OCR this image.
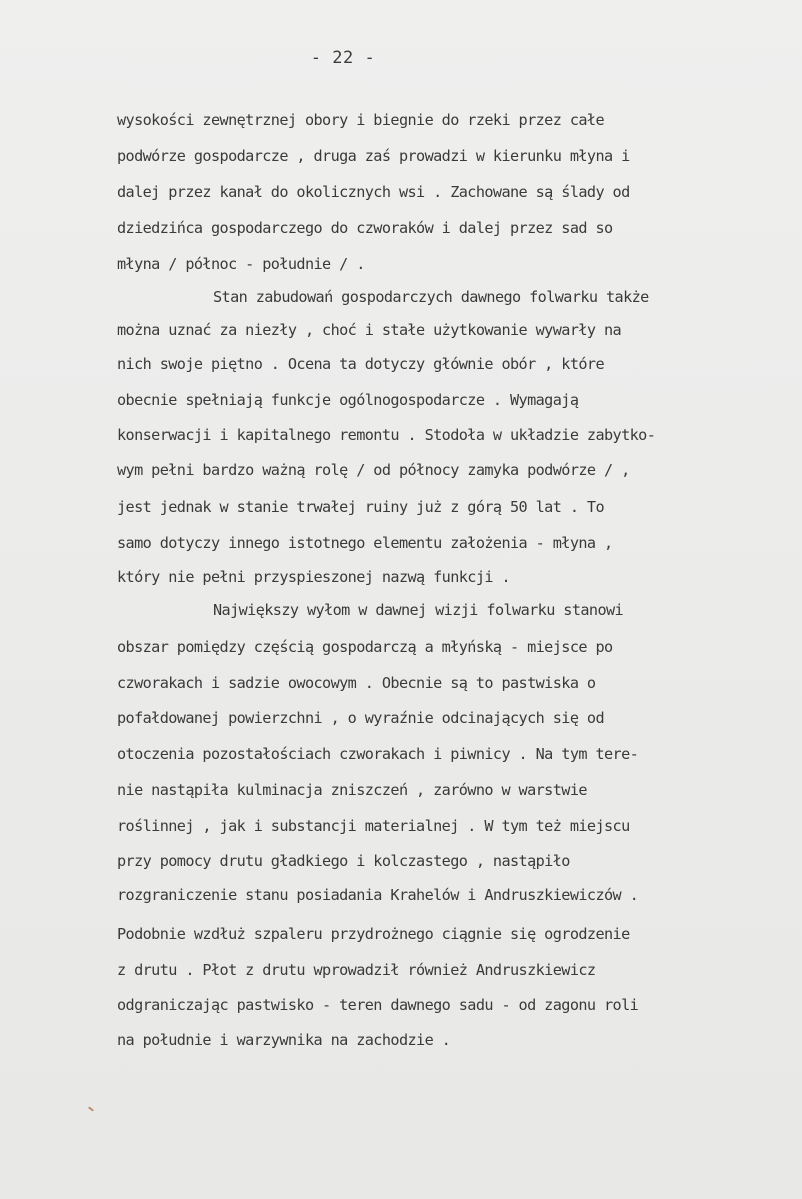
- 22 -
wysokości zewnętrznej obory i biegnie do rzeki przez całe
podwórze gospodarcze , druga zaś prowadzi w kierunku młyna i
dalej przez kanał do okolicznych wsi . Zachowane są ślady od
dziedzińca gospodarczego do czworaków i dalej przez sad so
młyna / północ - południe / .
Stan zabudowań gospodarczych dawnego folwarku także
można uznać za niezły , choć i stałe użytkowanie wywarły na
nich swoje piętno . Ocena ta dotyczy głównie obór , które
obecnie spełniają funkcje ogólnogospodarcze . Wymagają
konserwacji i kapitalnego remontu . Stodoła w układzie zabytko-
wym pełni bardzo ważną rolę / od północy zamyka podwórze / ,
jest jednak w stanie trwałej ruiny już z górą 50 lat . To
samo dotyczy innego istotnego elementu założenia - młyna ,
który nie pełni przyspieszonej nazwą funkcji .
Największy wyłom w dawnej wizji folwarku stanowi
obszar pomiędzy częścią gospodarczą a młyńską - miejsce po
czworakach i sadzie owocowym . Obecnie są to pastwiska o
pofałdowanej powierzchni , o wyraźnie odcinających się od
otoczenia pozostałościach czworakach i piwnicy . Na tym tere-
nie nastąpiła kulminacja zniszczeń , zarówno w warstwie
roślinnej , jak i substancji materialnej . W tym też miejscu
przy pomocy drutu gładkiego i kolczastego , nastąpiło
rozgraniczenie stanu posiadania Krahelów i Andruszkiewiczów .
Podobnie wzdłuż szpaleru przydrożnego ciągnie się ogrodzenie
z drutu . Płot z drutu wprowadził również Andruszkiewicz
odgraniczając pastwisko - teren dawnego sadu - od zagonu roli
na południe i warzywnika na zachodzie .
